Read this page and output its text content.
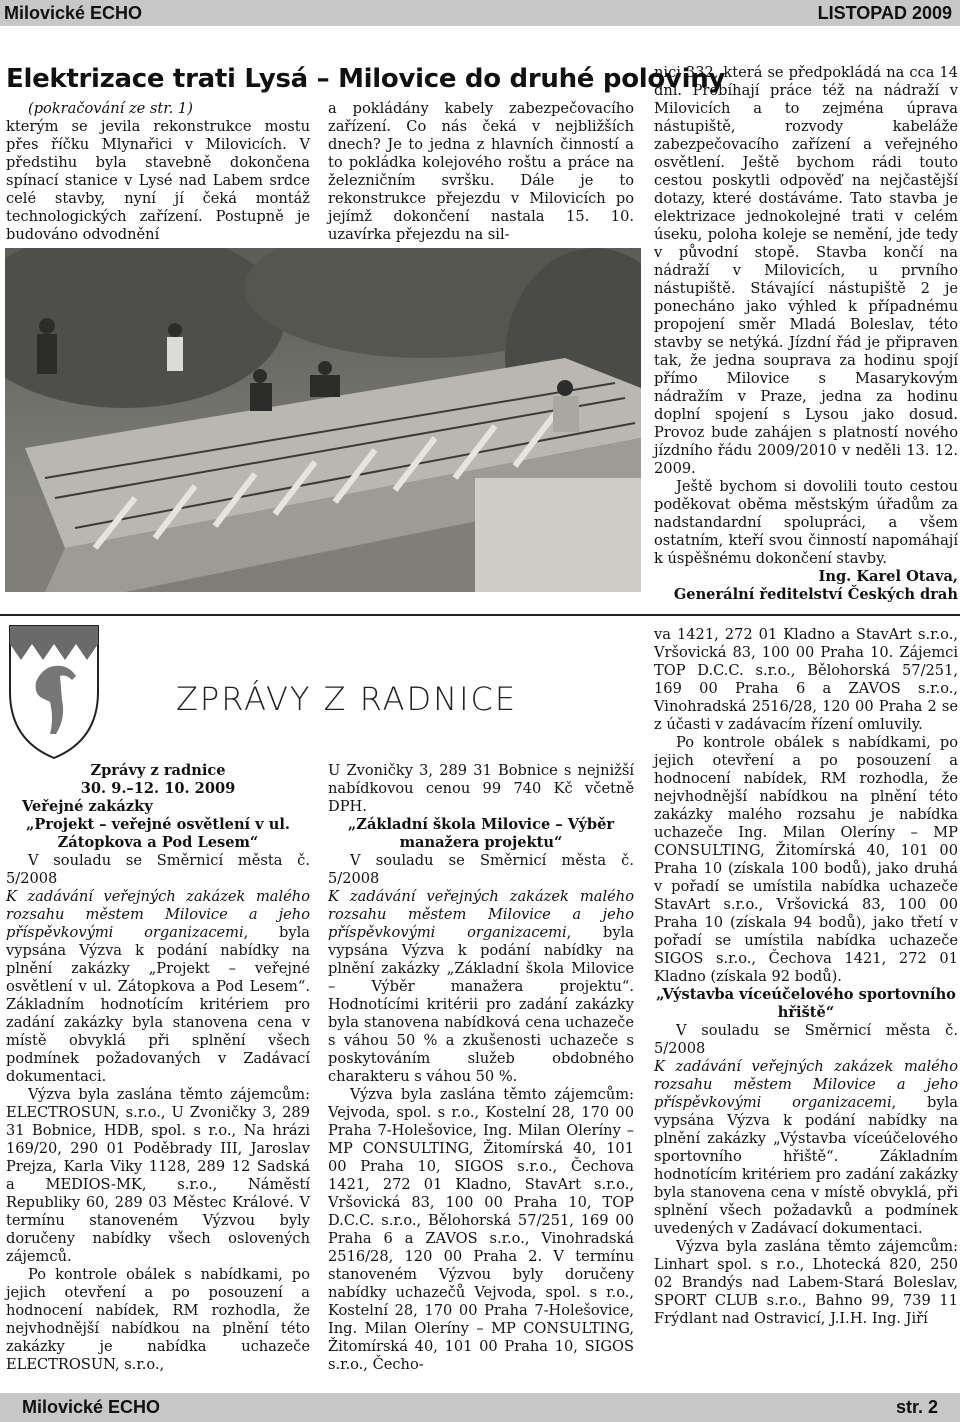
Milovické ECHO	LISTOPAD 2009
Elektrizace trati Lysá – Milovice do druhé poloviny

(pokračování ze str. 1)

kterým se jevila rekonstrukce mostu přes říčku Mlynařici v Milovicích. V předstihu byla stavebně dokončena spínací stanice v Lysé nad Labem srdce celé stavby, nyní jí čeká montáž technologických zařízení. Postupně je budováno odvodnění

a pokládány kabely zabezpečovacího zařízení. Co nás čeká v nejbližších dnech? Je to jedna z hlavních činností a to pokládka kolejového roštu a práce na železničním svršku. Dále je to rekonstrukce přejezdu v Milovicích po jejímž dokončení nastala 15. 10. uzavírka přejezdu na sil-

nici 332, která se předpokládá na cca 14 dní. Probíhají práce též na nádraží v Milovicích a to zejména úprava nástupiště, rozvody kabeláže zabezpečovacího zařízení a veřejného osvětlení. Ještě bychom rádi touto cestou poskytli odpověď na nejčastější dotazy, které dostáváme. Tato stavba je elektrizace jednokolejné trati v celém úseku, poloha koleje se nemění, jde tedy v původní stopě. Stavba končí na nádraží v Milovicích, u prvního nástupiště. Stávající nástupiště 2 je ponecháno jako výhled k případnému propojení směr Mladá Boleslav, této stavby se netýká. Jízdní řád je připraven tak, že jedna souprava za hodinu spojí přímo Milovice s Masarykovým nádražím v Praze, jedna za hodinu doplní spojení s Lysou jako dosud. Provoz bude zahájen s platností nového jízdního řádu 2009/2010 v neděli 13. 12. 2009.

Ještě bychom si dovolili touto cestou poděkovat oběma městským úřadům za nadstandardní spolupráci, a všem ostatním, kteří svou činností napomáhají k úspěšnému dokončení stavby.

Ing. Karel Otava,

Generální ředitelství Českých drah

ZPRÁVY Z RADNICE

Zprávy z radnice

30. 9.–12. 10. 2009

Veřejné zakázky

„Projekt – veřejné osvětlení v ul. Zátopkova a Pod Lesem“

V souladu se Směrnicí města č. 5/2008

K zadávání veřejných zakázek malého rozsahu městem Milovice a jeho příspěvkovými organizacemi, byla vypsána Výzva k podání nabídky na plnění zakázky „Projekt – veřejné osvětlení v ul. Zátopkova a Pod Lesem“. Základním hodnotícím kritériem pro zadání zakázky byla stanovena cena v místě obvyklá při splnění všech podmínek požadovaných v Zadávací dokumentaci.

Výzva byla zaslána těmto zájemcům: ELECTROSUN, s.r.o., U Zvoničky 3, 289 31 Bobnice, HDB, spol. s r.o., Na hrázi 169/20, 290 01 Poděbrady III, Jaroslav Prejza, Karla Viky 1128, 289 12 Sadská a MEDIOS-MK, s.r.o., Náměstí Republiky 60, 289 03 Městec Králové. V termínu stanoveném Výzvou byly doručeny nabídky všech oslovených zájemců.

Po kontrole obálek s nabídkami, po jejich otevření a po posouzení a hodnocení nabídek, RM rozhodla, že nejvhodnější nabídkou na plnění této zakázky je nabídka uchazeče ELECTROSUN, s.r.o.,

U Zvoničky 3, 289 31 Bobnice s nejnižší nabídkovou cenou 99 740 Kč včetně DPH.

„Základní škola Milovice – Výběr manažera projektu“

V souladu se Směrnicí města č. 5/2008

K zadávání veřejných zakázek malého rozsahu městem Milovice a jeho příspěvkovými organizacemi, byla vypsána Výzva k podání nabídky na plnění zakázky „Základní škola Milovice – Výběr manažera projektu“. Hodnotícími kritérii pro zadání zakázky byla stanovena nabídková cena uchazeče s váhou 50 % a zkušenosti uchazeče s poskytováním služeb obdobného charakteru s váhou 50 %.

Výzva byla zaslána těmto zájemcům: Vejvoda, spol. s r.o., Kostelní 28, 170 00 Praha 7-Holešovice, Ing. Milan Oleríny – MP CONSULTING, Žitomírská 40, 101 00 Praha 10, SIGOS s.r.o., Čechova 1421, 272 01 Kladno, StavArt s.r.o., Vršovická 83, 100 00 Praha 10, TOP D.C.C. s.r.o., Bělohorská 57/251, 169 00 Praha 6 a ZAVOS s.r.o., Vinohradská 2516/28, 120 00 Praha 2. V termínu stanoveném Výzvou byly doručeny nabídky uchazečů Vejvoda, spol. s r.o., Kostelní 28, 170 00 Praha 7-Holešovice, Ing. Milan Oleríny – MP CONSULTING, Žitomírská 40, 101 00 Praha 10, SIGOS s.r.o., Čecho-

va 1421, 272 01 Kladno a StavArt s.r.o., Vršovická 83, 100 00 Praha 10. Zájemci TOP D.C.C. s.r.o., Bělohorská 57/251, 169 00 Praha 6 a ZAVOS s.r.o., Vinohradská 2516/28, 120 00 Praha 2 se z účasti v zadávacím řízení omluvily.

Po kontrole obálek s nabídkami, po jejich otevření a po posouzení a hodnocení nabídek, RM rozhodla, že nejvhodnější nabídkou na plnění této zakázky malého rozsahu je nabídka uchazeče Ing. Milan Oleríny – MP CONSULTING, Žitomírská 40, 101 00 Praha 10 (získala 100 bodů), jako druhá v pořadí se umístila nabídka uchazeče StavArt s.r.o., Vršovická 83, 100 00 Praha 10 (získala 94 bodů), jako třetí v pořadí se umístila nabídka uchazeče SIGOS s.r.o., Čechova 1421, 272 01 Kladno (získala 92 bodů).

„Výstavba víceúčelového sportovního hřiště“

V souladu se Směrnicí města č. 5/2008

K zadávání veřejných zakázek malého rozsahu městem Milovice a jeho příspěvkovými organizacemi, byla vypsána Výzva k podání nabídky na plnění zakázky „Výstavba víceúčelového sportovního hřiště“. Základním hodnotícím kritériem pro zadání zakázky byla stanovena cena v místě obvyklá, při splnění všech požadavků a podmínek uvedených v Zadávací dokumentaci.

Výzva byla zaslána těmto zájemcům: Linhart spol. s r.o., Lhotecká 820, 250 02 Brandýs nad Labem-Stará Boleslav, SPORT CLUB s.r.o., Bahno 99, 739 11 Frýdlant nad Ostravicí, J.I.H. Ing. Jiří

Milovické ECHO	str. 2
